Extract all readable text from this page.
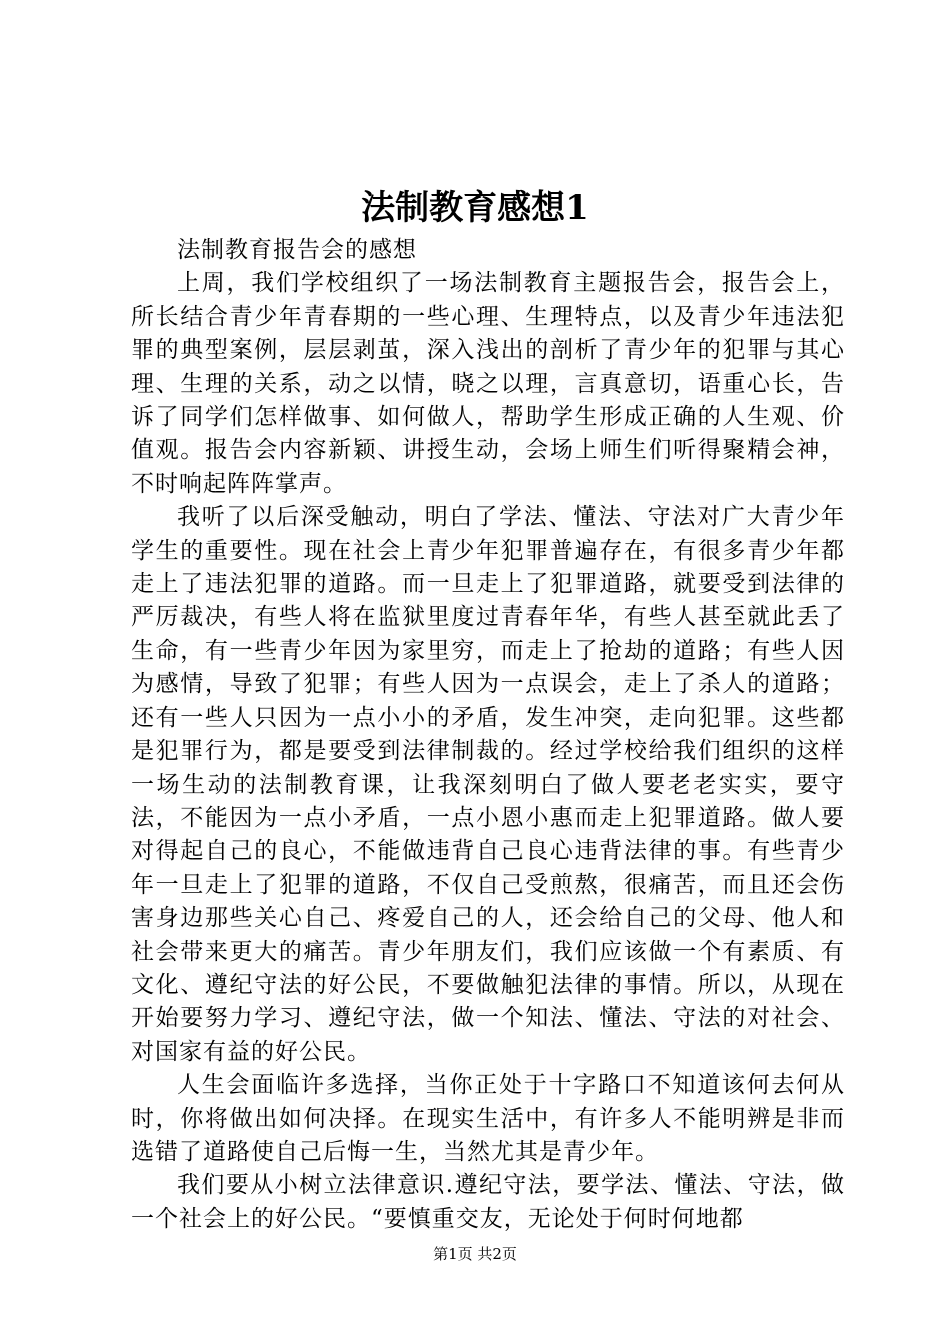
法制教育感想1

法制教育报告会的感想

上周，我们学校组织了一场法制教育主题报告会，报告会上，所长结合青少年青春期的一些心理、生理特点，以及青少年违法犯罪的典型案例，层层剥茧，深入浅出的剖析了青少年的犯罪与其心理、生理的关系，动之以情，晓之以理，言真意切，语重心长，告诉了同学们怎样做事、如何做人，帮助学生形成正确的人生观、价值观。报告会内容新颖、讲授生动，会场上师生们听得聚精会神，不时响起阵阵掌声。

我听了以后深受触动，明白了学法、懂法、守法对广大青少年学生的重要性。现在社会上青少年犯罪普遍存在，有很多青少年都走上了违法犯罪的道路。而一旦走上了犯罪道路，就要受到法律的严厉裁决，有些人将在监狱里度过青春年华，有些人甚至就此丢了生命，有一些青少年因为家里穷，而走上了抢劫的道路；有些人因为感情，导致了犯罪；有些人因为一点误会，走上了杀人的道路；还有一些人只因为一点小小的矛盾，发生冲突，走向犯罪。这些都是犯罪行为，都是要受到法律制裁的。经过学校给我们组织的这样一场生动的法制教育课，让我深刻明白了做人要老老实实，要守法，不能因为一点小矛盾，一点小恩小惠而走上犯罪道路。做人要对得起自己的良心，不能做违背自己良心违背法律的事。有些青少年一旦走上了犯罪的道路，不仅自己受煎熬，很痛苦，而且还会伤害身边那些关心自己、疼爱自己的人，还会给自己的父母、他人和社会带来更大的痛苦。青少年朋友们，我们应该做一个有素质、有文化、遵纪守法的好公民，不要做触犯法律的事情。所以，从现在开始要努力学习、遵纪守法，做一个知法、懂法、守法的对社会、对国家有益的好公民。

人生会面临许多选择，当你正处于十字路口不知道该何去何从时，你将做出如何决择。在现实生活中，有许多人不能明辨是非而选错了道路使自己后悔一生，当然尤其是青少年。

我们要从小树立法律意识.遵纪守法，要学法、懂法、守法，做一个社会上的好公民。“要慎重交友，无论处于何时何地都

第1页 共2页
